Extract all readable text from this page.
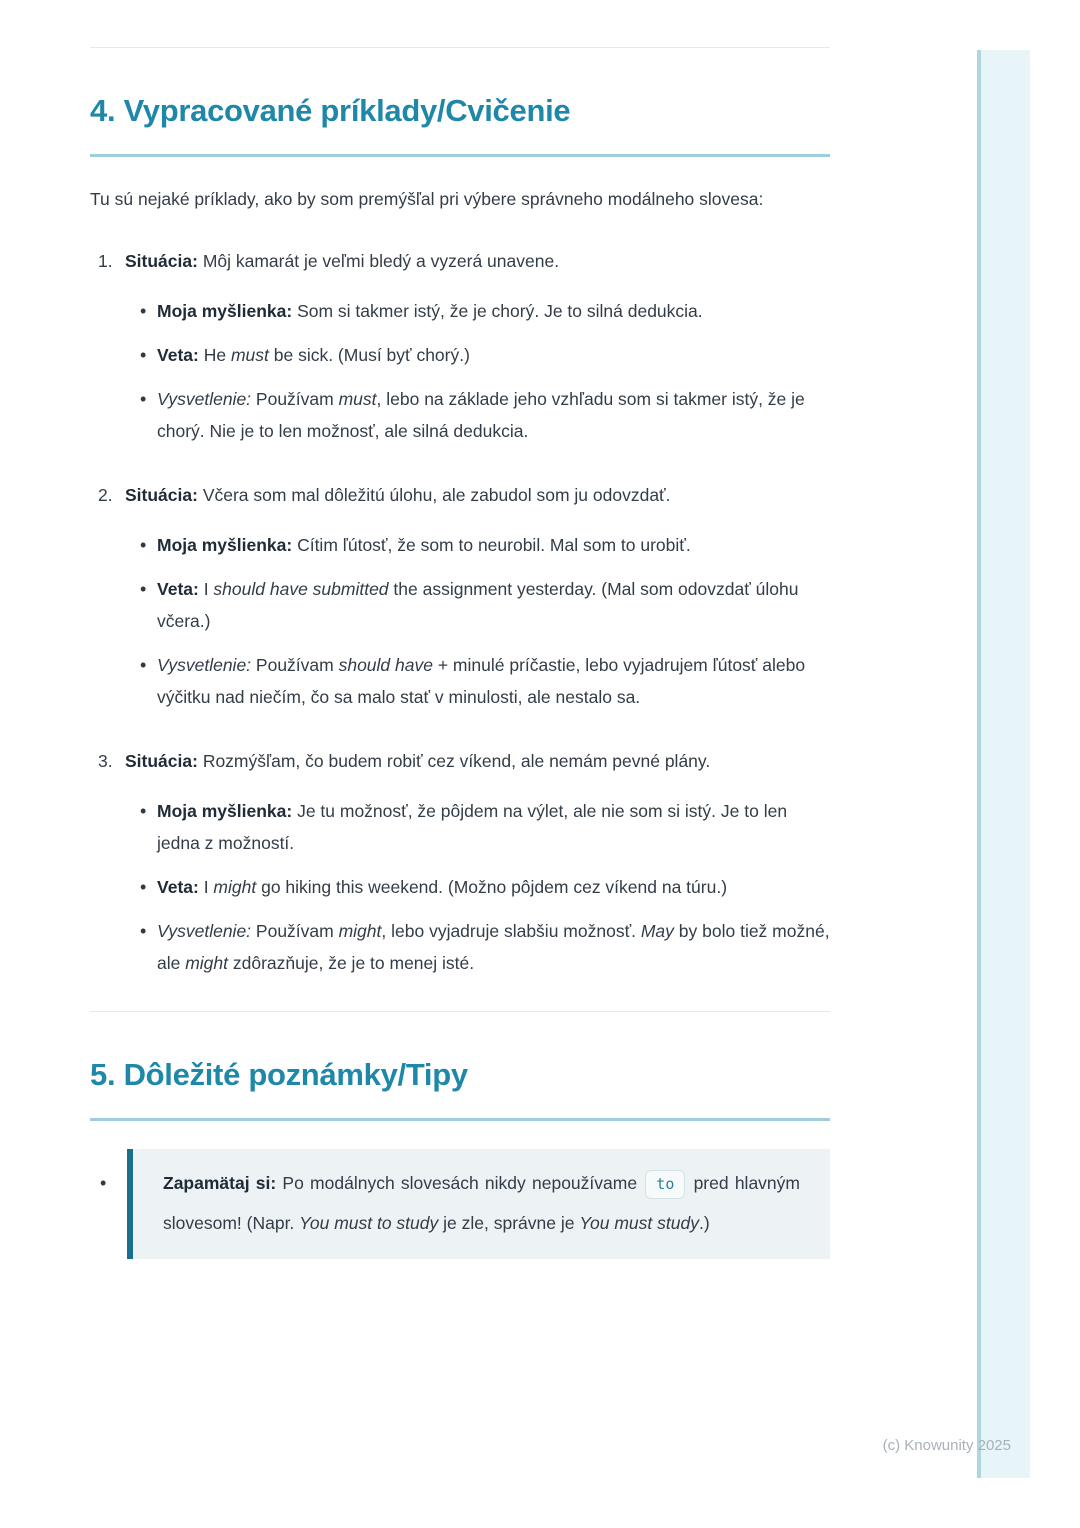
4. Vypracované príklady/Cvičenie

Tu sú nejaké príklady, ako by som premýšľal pri výbere správneho modálneho slovesa:

1. Situácia: Môj kamarát je veľmi bledý a vyzerá unavene.
• Moja myšlienka: Som si takmer istý, že je chorý. Je to silná dedukcia.
• Veta: He must be sick. (Musí byť chorý.)
• Vysvetlenie: Používam must, lebo na základe jeho vzhľadu som si takmer istý, že je chorý. Nie je to len možnosť, ale silná dedukcia.
2. Situácia: Včera som mal dôležitú úlohu, ale zabudol som ju odovzdať.
• Moja myšlienka: Cítim ľútosť, že som to neurobil. Mal som to urobiť.
• Veta: I should have submitted the assignment yesterday. (Mal som odovzdať úlohu včera.)
• Vysvetlenie: Používam should have + minulé príčastie, lebo vyjadrujem ľútosť alebo výčitku nad niečím, čo sa malo stať v minulosti, ale nestalo sa.
3. Situácia: Rozmýšľam, čo budem robiť cez víkend, ale nemám pevné plány.
• Moja myšlienka: Je tu možnosť, že pôjdem na výlet, ale nie som si istý. Je to len jedna z možností.
• Veta: I might go hiking this weekend. (Možno pôjdem cez víkend na túru.)
• Vysvetlenie: Používam might, lebo vyjadruje slabšiu možnosť. May by bolo tiež možné, ale might zdôrazňuje, že je to menej isté.
5. Dôležité poznámky/Tipy
•	Zapamätaj si: Po modálnych slovesách nikdy nepoužívame to pred hlavným slovesom! (Napr. You must to study je zle, správne je You must study.)
(c) Knowunity 2025
